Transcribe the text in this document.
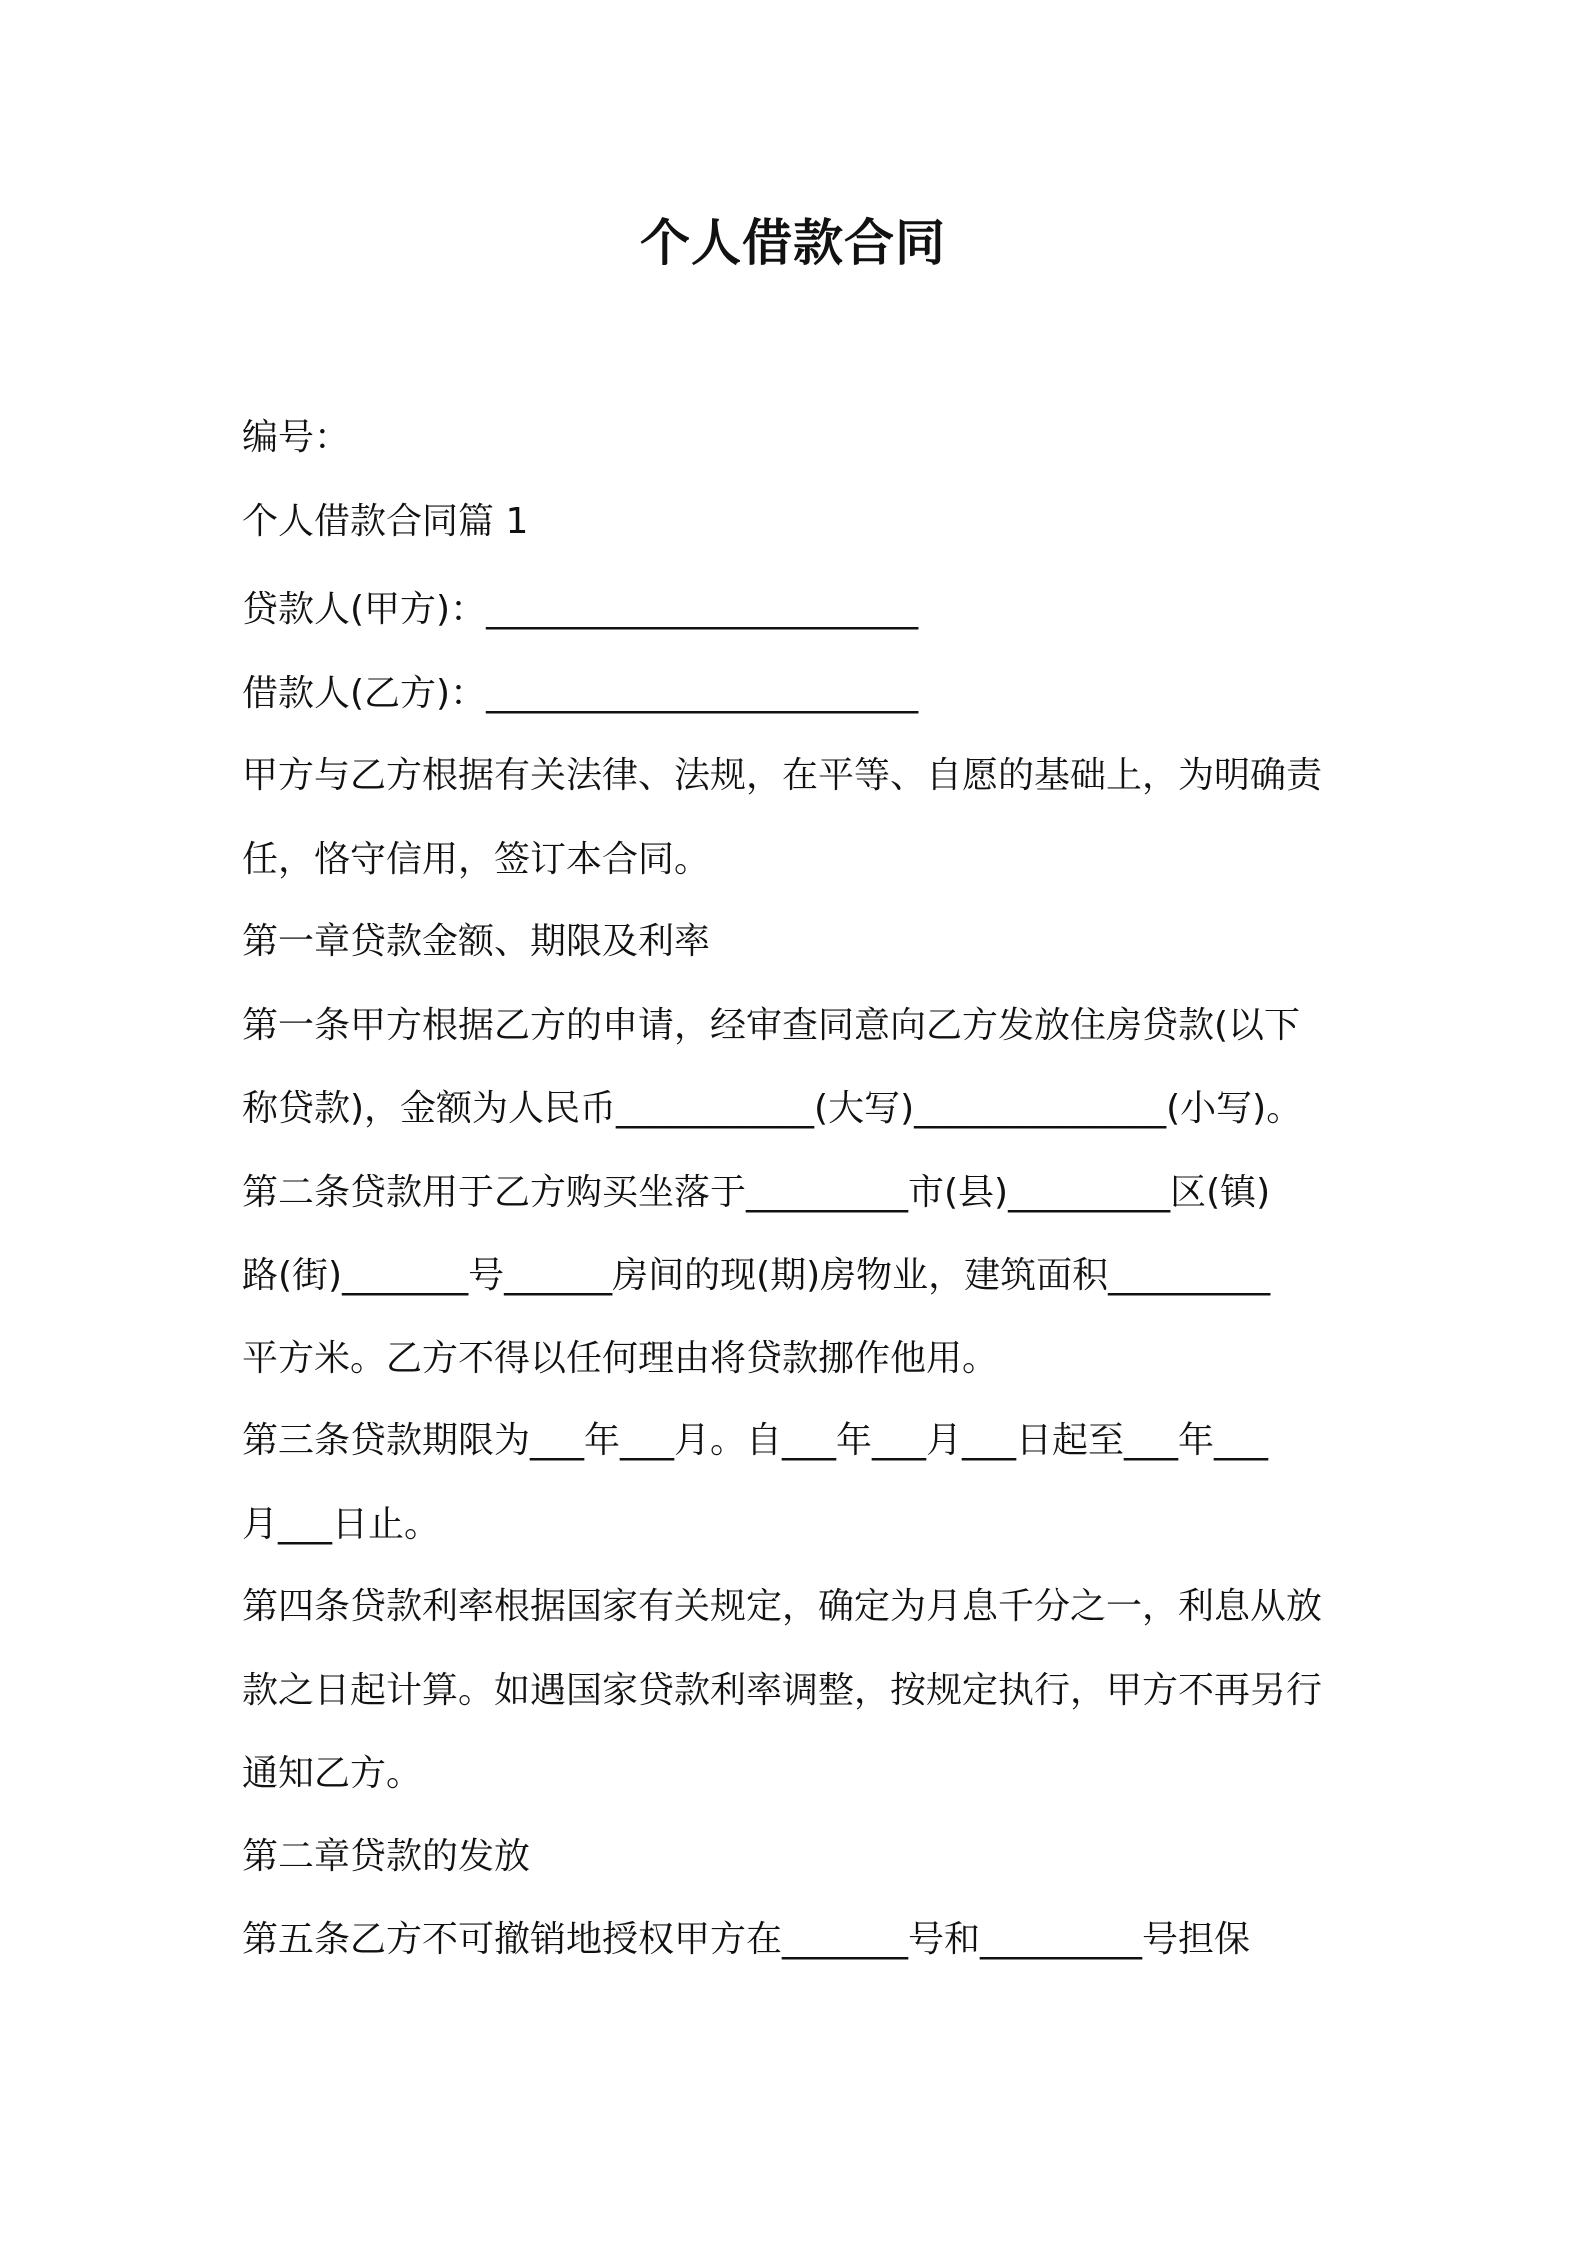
个人借款合同
编号：
个人借款合同篇 1
贷款人(甲方)：________________________
借款人(乙方)：________________________
甲方与乙方根据有关法律、法规，在平等、自愿的基础上，为明确责
任，恪守信用，签订本合同。
第一章贷款金额、期限及利率
第一条甲方根据乙方的申请，经审查同意向乙方发放住房贷款(以下
称贷款)，金额为人民币___________(大写)______________(小写)。
第二条贷款用于乙方购买坐落于_________市(县)_________区(镇)
路(街)_______号______房间的现(期)房物业，建筑面积_________
平方米。乙方不得以任何理由将贷款挪作他用。
第三条贷款期限为___年___月。自___年___月___日起至___年___
月___日止。
第四条贷款利率根据国家有关规定，确定为月息千分之一，利息从放
款之日起计算。如遇国家贷款利率调整，按规定执行，甲方不再另行
通知乙方。
第二章贷款的发放
第五条乙方不可撤销地授权甲方在_______号和_________号担保
